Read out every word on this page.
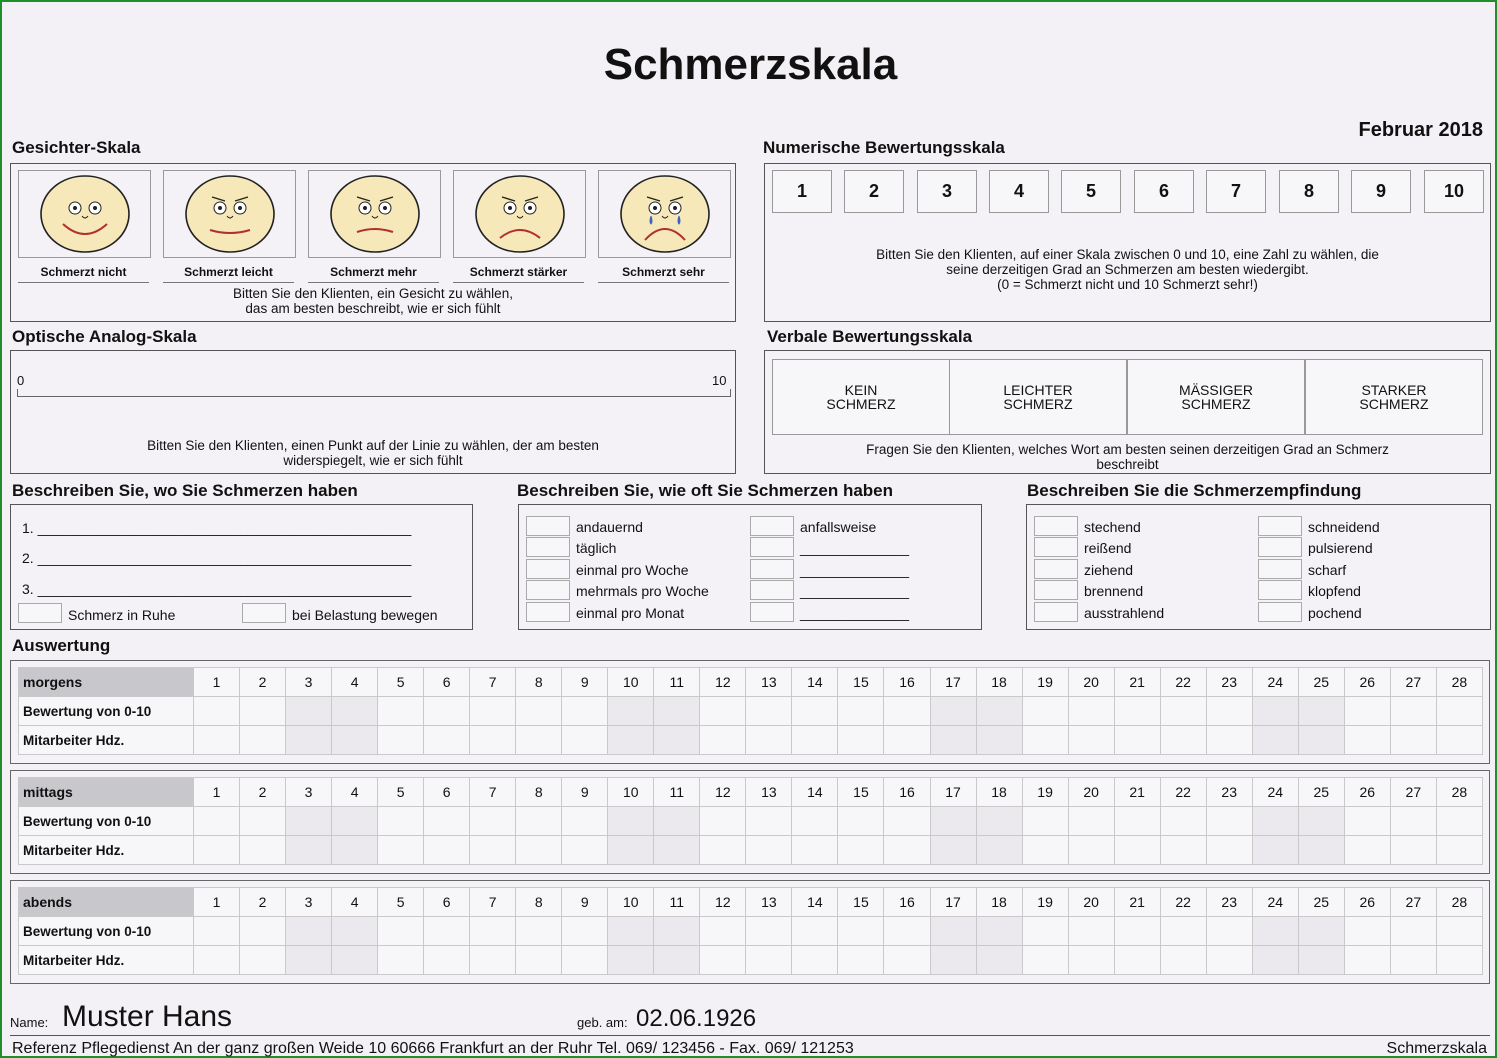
Schmerzskala
Februar 2018
Gesichter-Skala
Bitten Sie den Klienten, ein Gesicht zu wählen,
das am besten beschreibt, wie er sich fühlt
Numerische Bewertungsskala
Bitten Sie den Klienten, auf einer Skala zwischen 0 und 10, eine Zahl zu wählen, die
seine derzeitigen Grad an Schmerzen am besten wiedergibt.
(0 = Schmerzt nicht und 10 Schmerzt sehr!)
Optische Analog-Skala
0	10
Bitten Sie den Klienten, einen Punkt auf der Linie zu wählen, der am besten
widerspiegelt, wie er sich fühlt
Verbale Bewertungsskala
Fragen Sie den Klienten, welches Wort am besten seinen derzeitigen Grad an Schmerz
beschreibt
Beschreiben Sie, wo Sie Schmerzen haben
1. ________________________________________________
2. ________________________________________________
3. ________________________________________________
Schmerz in Ruhe	bei Belastung bewegen
Beschreiben Sie, wie oft Sie Schmerzen haben	Beschreiben Sie die Schmerzempfindung
Auswertung
Name: Muster Hans	geb. am: 02.06.1926
Referenz Pflegedienst An der ganz großen Weide 10 60666 Frankfurt an der Ruhr Tel. 069/ 123456 - Fax. 069/ 121253	Schmerzskala
Schmerzt nicht	Schmerzt leicht	Schmerzt mehr	Schmerzt stärker	Schmerzt sehr
1	2	3	4	5	6	7	8	9	10
KEIN
SCHMERZ
LEICHTER
SCHMERZ
MÄSSIGER
SCHMERZ
STARKER
SCHMERZ
andauernd
täglich
einmal pro Woche
mehrmals pro Woche
einmal pro Monat
anfallsweise
______________
______________
______________
______________
stechend
reißend
ziehend
brennend
ausstrahlend
schneidend
pulsierend
scharf
klopfend
pochend
morgens	1	2	3	4	5	6	7	8	9	10	11	12	13	14	15	16	17	18	19	20	21	22	23	24	25	26	27	28
Bewertung von 0-10																												
Mitarbeiter Hdz.																												
mittags	1	2	3	4	5	6	7	8	9	10	11	12	13	14	15	16	17	18	19	20	21	22	23	24	25	26	27	28
Bewertung von 0-10																												
Mitarbeiter Hdz.																												
abends	1	2	3	4	5	6	7	8	9	10	11	12	13	14	15	16	17	18	19	20	21	22	23	24	25	26	27	28
Bewertung von 0-10																												
Mitarbeiter Hdz.																												
